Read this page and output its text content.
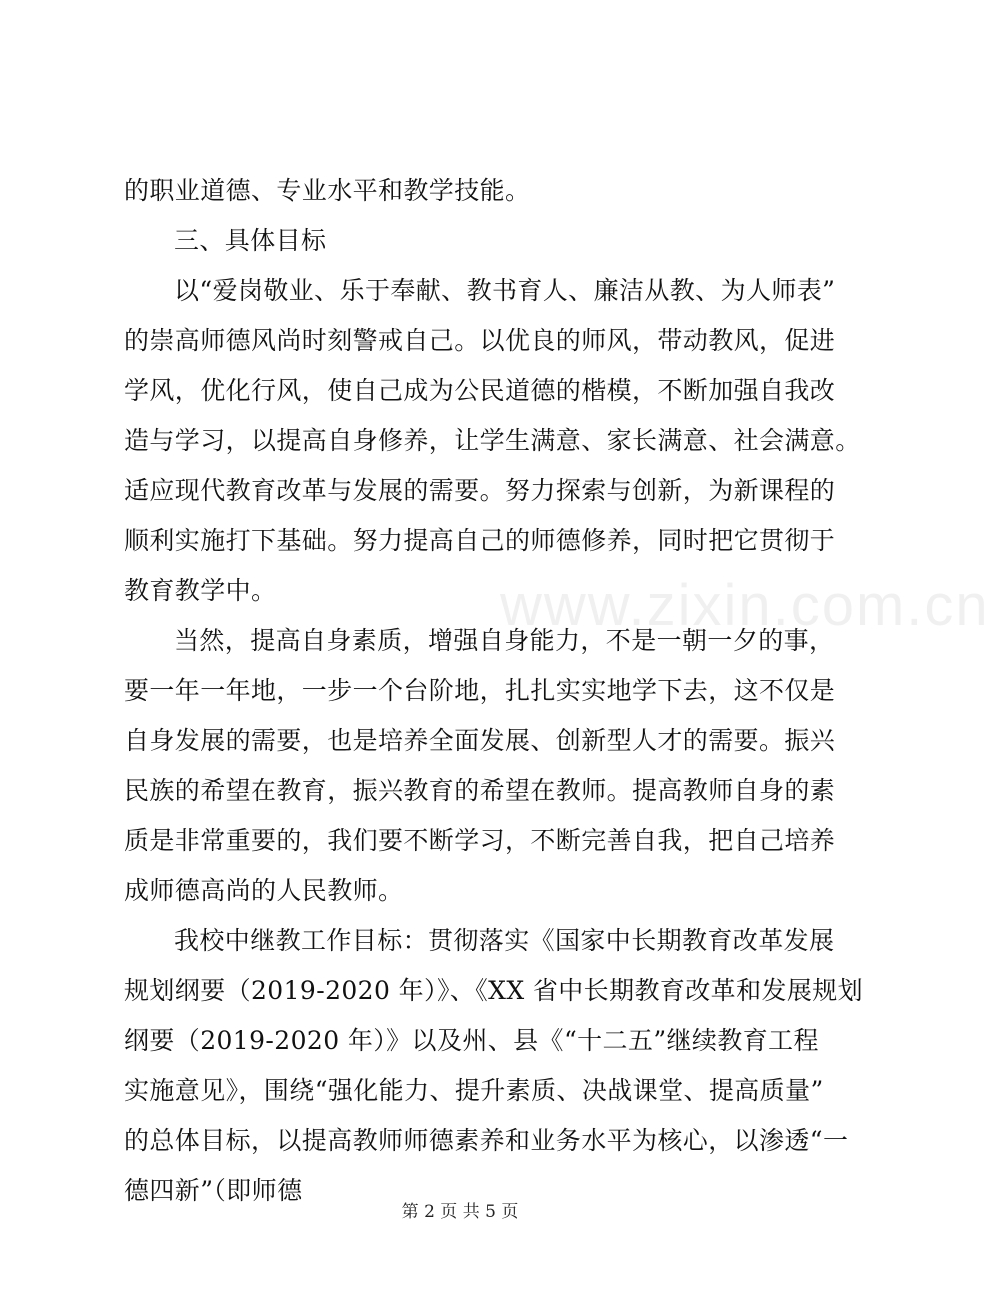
的职业道德、专业水平和教学技能。
三、具体目标
以“爱岗敬业、乐于奉献、教书育人、廉洁从教、为人师表”
的崇高师德风尚时刻警戒自己。以优良的师风，带动教风，促进
学风，优化行风，使自己成为公民道德的楷模，不断加强自我改
造与学习，以提高自身修养，让学生满意、家长满意、社会满意。
适应现代教育改革与发展的需要。努力探索与创新，为新课程的
顺利实施打下基础。努力提高自己的师德修养，同时把它贯彻于
教育教学中。
当然，提高自身素质，增强自身能力，不是一朝一夕的事，
要一年一年地，一步一个台阶地，扎扎实实地学下去，这不仅是
自身发展的需要，也是培养全面发展、创新型人才的需要。振兴
民族的希望在教育，振兴教育的希望在教师。提高教师自身的素
质是非常重要的，我们要不断学习，不断完善自我，把自己培养
成师德高尚的人民教师。
我校中继教工作目标：贯彻落实《国家中长期教育改革发展
规划纲要（2019-2020 年）》、《XX 省中长期教育改革和发展规划
纲要（2019-2020 年）》以及州、县《“十二五”继续教育工程
实施意见》，围绕“强化能力、提升素质、决战课堂、提高质量”
的总体目标，以提高教师师德素养和业务水平为核心，以渗透“一
德四新”（即师德
www.zixin.com.cn
第 2 页 共 5 页
